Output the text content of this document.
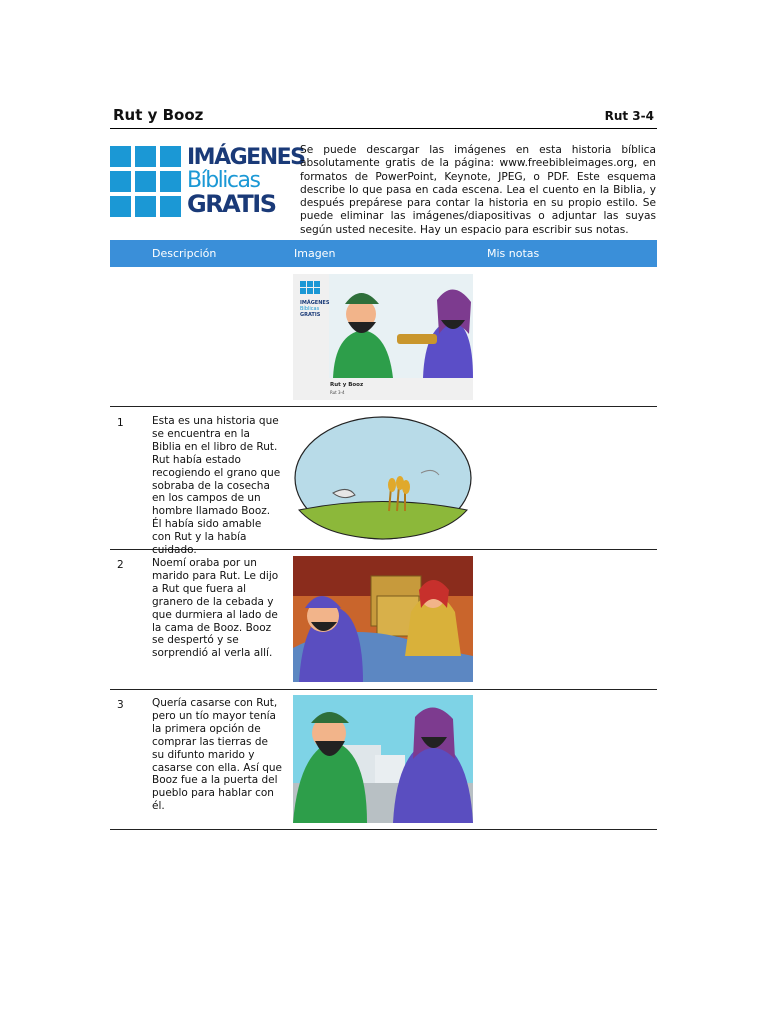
Rut y Booz	Rut 3-4
IMÁGENES
Bíblicas
GRATIS
Se puede descargar las imágenes en esta historia bíblica absolutamente gratis de la página: www.freebibleimages.org, en formatos de PowerPoint, Keynote, JPEG, o PDF. Este esquema describe lo que pasa en cada escena. Lea el cuento en la Biblia, y después prepárese para contar la historia en su propio estilo. Se puede eliminar las imágenes/diapositivas o adjuntar las suyas según usted necesite. Hay un espacio para escribir sus notas.
Descripción	Imagen	Mis notas
IMÁGENES
Bíblicas
GRATIS
Rut y Booz
Rut 3-4
1	Esta es una historia que se encuentra en la Biblia en el libro de Rut. Rut había estado recogiendo el grano que sobraba de la cosecha en los campos de un hombre llamado Booz. Él había sido amable con Rut y la había cuidado.
2	Noemí oraba por un marido para Rut. Le dijo a Rut que fuera al granero de la cebada y que durmiera al lado de la cama de Booz. Booz se despertó y se sorprendió al verla allí.
3	Quería casarse con Rut, pero un tío mayor tenía la primera opción de comprar las tierras de su difunto marido y casarse con ella. Así que Booz fue a la puerta del pueblo para hablar con él.
